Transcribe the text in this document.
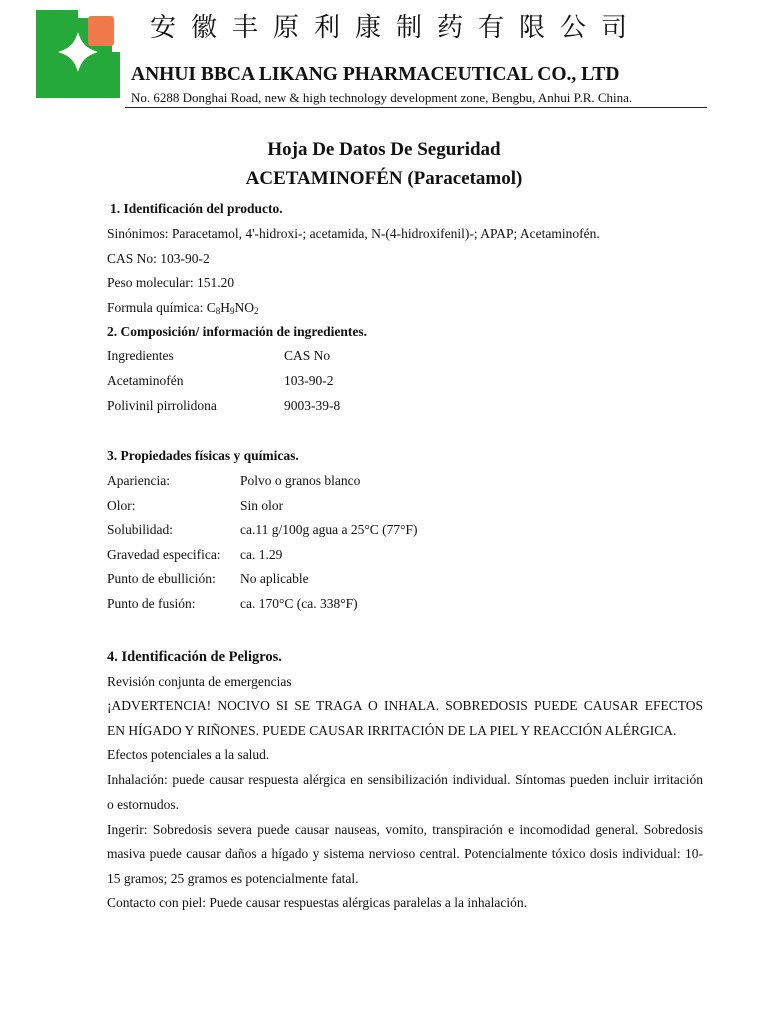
安徽丰原利康制药有限公司
ANHUI BBCA LIKANG PHARMACEUTICAL CO., LTD
No. 6288 Donghai Road, new & high technology development zone, Bengbu, Anhui P.R. China.
Hoja De Datos De Seguridad
ACETAMINOFÉN (Paracetamol)
1. Identificación del producto.
Sinónimos: Paracetamol, 4'-hidroxi-; acetamida, N-(4-hidroxifenil)-; APAP; Acetaminofén.
CAS No: 103-90-2
Peso molecular: 151.20
Formula química: $C_8H_9NO_2$
2. Composición/ información de ingredientes.
Ingredientes	CAS No
Acetaminofén	103-90-2
Polivinil pirrolidona	9003-39-8
3. Propiedades físicas y químicas.
Apariencia:	Polvo o granos blanco
Olor:	Sin olor
Solubilidad:	ca.11 g/100g agua a 25°C (77°F)
Gravedad especifica: ca. 1.29
Punto de ebullición: No aplicable
Punto de fusión:	ca. 170°C (ca. 338°F)
4. Identificación de Peligros.
Revisión conjunta de emergencias
¡ADVERTENCIA! NOCIVO SI SE TRAGA O INHALA. SOBREDOSIS PUEDE CAUSAR EFECTOS
EN HÍGADO Y RIÑONES. PUEDE CAUSAR IRRITACIÓN DE LA PIEL Y REACCIÓN ALÉRGICA.
Efectos potenciales a la salud.
Inhalación: puede causar respuesta alérgica en sensibilización individual. Síntomas pueden incluir irritación
o estornudos.
Ingerir: Sobredosis severa puede causar nauseas, vomito, transpiración e incomodidad general. Sobredosis
masiva puede causar daños a hígado y sistema nervioso central. Potencialmente tóxico dosis individual: 10-
15 gramos; 25 gramos es potencialmente fatal.
Contacto con piel: Puede causar respuestas alérgicas paralelas a la inhalación.
